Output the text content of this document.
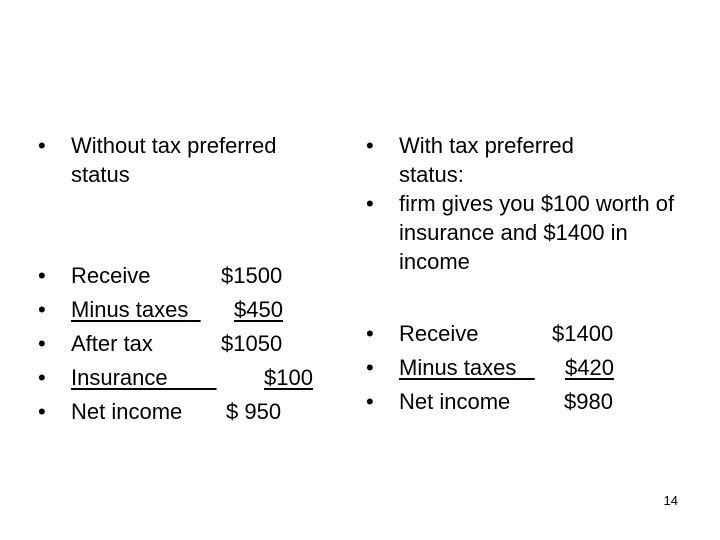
•	Without tax preferred status
•	Receive	$1500
•	Minus taxes	$450
•	After tax	$1050
•	Insurance	$100
•	Net income $ 950
•	With tax preferred status:
•	firm gives you $100 worth of insurance and $1400 in income
•	Receive	$1400
•	Minus taxes	$420
•	Net income $980
14
